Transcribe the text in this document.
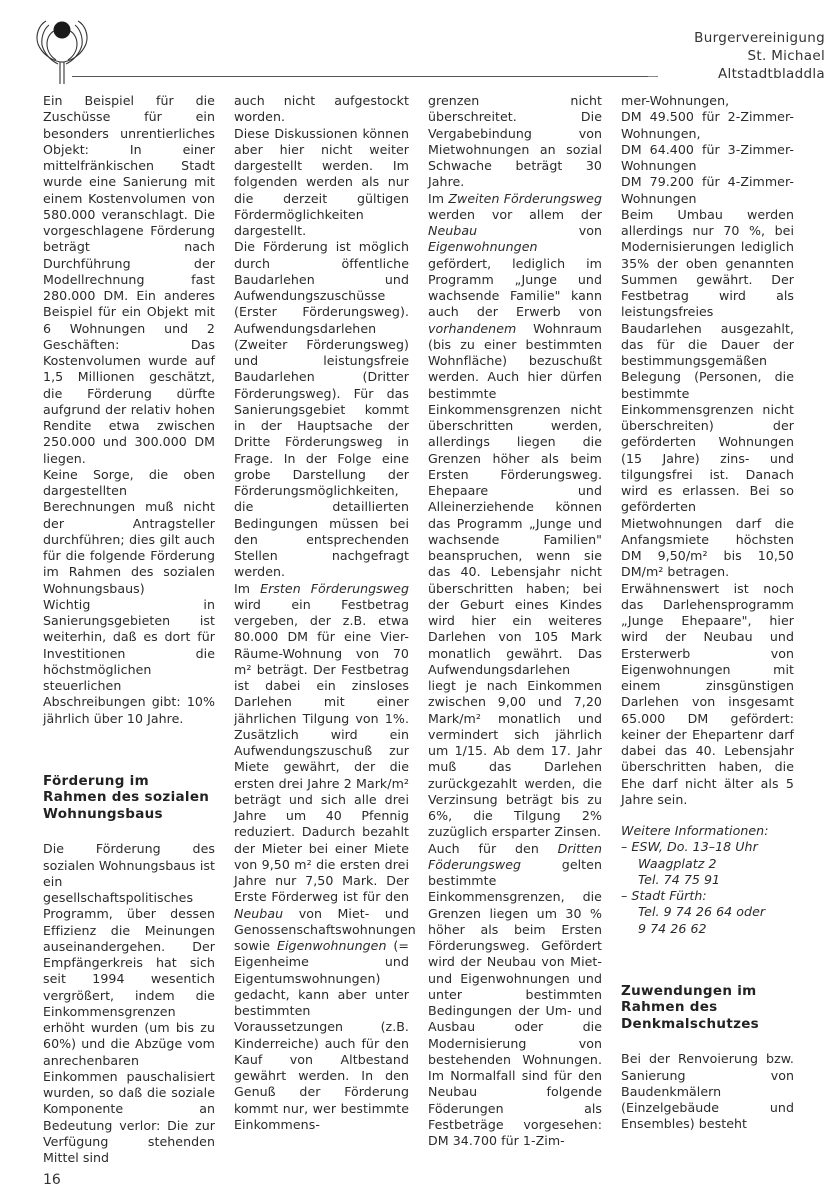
Burgervereinigung
St. Michael
Altstadtbladdla

Ein Beispiel für die Zuschüsse für ein besonders unrentierliches Objekt: In einer mittelfränkischen Stadt wurde eine Sanierung mit einem Kostenvolumen von 580.000 veranschlagt. Die vorgeschlagene Förderung beträgt nach Durchführung der Modellrechnung fast 280.000 DM. Ein anderes Beispiel für ein Objekt mit 6 Wohnungen und 2 Geschäften: Das Kostenvolumen wurde auf 1,5 Millionen geschätzt, die Förderung dürfte aufgrund der relativ hohen Rendite etwa zwischen 250.000 und 300.000 DM liegen.

Keine Sorge, die oben dargestellten Berechnungen muß nicht der Antragsteller durchführen; dies gilt auch für die folgende Förderung im Rahmen des sozialen Wohnungsbaus)

Wichtig in Sanierungsgebieten ist weiterhin, daß es dort für Investitionen die höchstmöglichen steuerlichen Abschreibungen gibt: 10% jährlich über 10 Jahre.

Förderung im Rahmen des sozialen Wohnungsbaus

Die Förderung des sozialen Wohnungsbaus ist ein gesellschaftspolitisches Programm, über dessen Effizienz die Meinungen auseinandergehen. Der Empfängerkreis hat sich seit 1994 wesentich vergrößert, indem die Einkommensgrenzen erhöht wurden (um bis zu 60%) und die Abzüge vom anrechenbaren Einkommen pauschalisiert wurden, so daß die soziale Komponente an Bedeutung verlor: Die zur Verfügung stehenden Mittel sind

auch nicht aufgestockt worden.

Diese Diskussionen können aber hier nicht weiter dargestellt werden. Im folgenden werden als nur die derzeit gültigen Fördermöglichkeiten dargestellt.

Die Förderung ist möglich durch öffentliche Baudarlehen und Aufwendungszuschüsse (Erster Förderungsweg). Aufwendungsdarlehen (Zweiter Förderungsweg) und leistungsfreie Baudarlehen (Dritter Förderungsweg). Für das Sanierungsgebiet kommt in der Hauptsache der Dritte Förderungsweg in Frage. In der Folge eine grobe Darstellung der Förderungsmöglichkeiten, die detaillierten Bedingungen müssen bei den entsprechenden Stellen nachgefragt werden.

Im Ersten Förderungsweg wird ein Festbetrag vergeben, der z.B. etwa 80.000 DM für eine Vier-Räume-Wohnung von 70 m² beträgt. Der Festbetrag ist dabei ein zinsloses Darlehen mit einer jährlichen Tilgung von 1%. Zusätzlich wird ein Aufwendungszuschuß zur Miete gewährt, der die ersten drei Jahre 2 Mark/m² beträgt und sich alle drei Jahre um 40 Pfennig reduziert. Dadurch bezahlt der Mieter bei einer Miete von 9,50 m² die ersten drei Jahre nur 7,50 Mark. Der Erste Förderweg ist für den Neubau von Miet- und Genossenschaftswohnungen sowie Eigenwohnungen (= Eigenheime und Eigentumswohnungen) gedacht, kann aber unter bestimmten Voraussetzungen (z.B. Kinderreiche) auch für den Kauf von Altbestand gewährt werden. In den Genuß der Förderung kommt nur, wer bestimmte Einkommens-

grenzen nicht überschreitet. Die Vergabebindung von Mietwohnungen an sozial Schwache beträgt 30 Jahre.

Im Zweiten Förderungsweg werden vor allem der Neubau von Eigenwohnungen gefördert, lediglich im Programm „Junge und wachsende Familie" kann auch der Erwerb von vorhandenem Wohnraum (bis zu einer bestimmten Wohnfläche) bezuschußt werden. Auch hier dürfen bestimmte Einkommensgrenzen nicht überschritten werden, allerdings liegen die Grenzen höher als beim Ersten Förderungsweg. Ehepaare und Alleinerziehende können das Programm „Junge und wachsende Familien" beanspruchen, wenn sie das 40. Lebensjahr nicht überschritten haben; bei der Geburt eines Kindes wird hier ein weiteres Darlehen von 105 Mark monatlich gewährt. Das Aufwendungsdarlehen liegt je nach Einkommen zwischen 9,00 und 7,20 Mark/m² monatlich und vermindert sich jährlich um 1/15. Ab dem 17. Jahr muß das Darlehen zurückgezahlt werden, die Verzinsung beträgt bis zu 6%, die Tilgung 2% zuzüglich ersparter Zinsen.

Auch für den Dritten Föderungsweg gelten bestimmte Einkommensgrenzen, die Grenzen liegen um 30 % höher als beim Ersten Förderungsweg. Gefördert wird der Neubau von Miet- und Eigenwohnungen und unter bestimmten Bedingungen der Um- und Ausbau oder die Modernisierung von bestehenden Wohnungen. Im Normalfall sind für den Neubau folgende Föderungen als Festbeträge vorgesehen: DM 34.700 für 1-Zim-

mer-Wohnungen,

DM 49.500 für 2-Zimmer-Wohnungen,

DM 64.400 für 3-Zimmer-Wohnungen

DM 79.200 für 4-Zimmer-Wohnungen

Beim Umbau werden allerdings nur 70 %, bei Modernisierungen lediglich 35% der oben genannten Summen gewährt. Der Festbetrag wird als leistungsfreies Baudarlehen ausgezahlt, das für die Dauer der bestimmungsgemäßen Belegung (Personen, die bestimmte Einkommensgrenzen nicht überschreiten) der geförderten Wohnungen (15 Jahre) zins- und tilgungsfrei ist. Danach wird es erlassen. Bei so geförderten Mietwohnungen darf die Anfangsmiete höchsten DM 9,50/m² bis 10,50 DM/m² betragen.

Erwähnenswert ist noch das Darlehensprogramm „Junge Ehepaare", hier wird der Neubau und Ersterwerb von Eigenwohnungen mit einem zinsgünstigen Darlehen von insgesamt 65.000 DM gefördert: keiner der Ehepartenr darf dabei das 40. Lebensjahr überschritten haben, die Ehe darf nicht älter als 5 Jahre sein.

Weitere Informationen:
– ESW, Do. 13–18 Uhr
Waagplatz 2
Tel. 74 75 91
– Stadt Fürth:
Tel. 9 74 26 64 oder
9 74 26 62

Zuwendungen im Rahmen des Denkmalschutzes

Bei der Renvoierung bzw. Sanierung von Baudenkmälern (Einzelgebäude und Ensembles) besteht

16
